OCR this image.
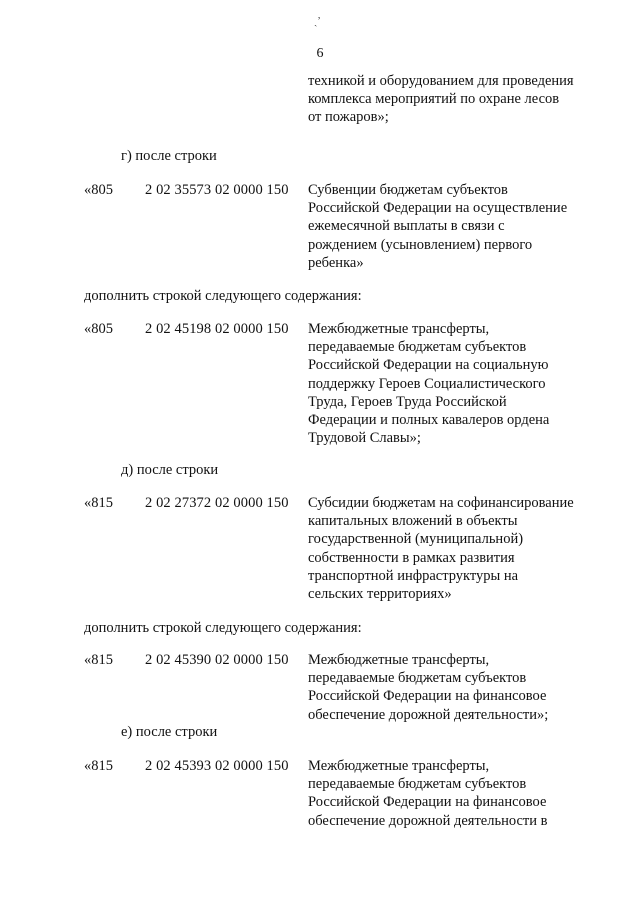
ˎʼ
6
техникой и оборудованием для проведения
комплекса мероприятий по охране лесов
от пожаров»;
г) после строки
«805 2 02 35573 02 0000 150 Субвенции бюджетам субъектов
Российской Федерации на осуществление
ежемесячной выплаты в связи с
рождением (усыновлением) первого
ребенка»
дополнить строкой следующего содержания:
«805 2 02 45198 02 0000 150 Межбюджетные трансферты,
передаваемые бюджетам субъектов
Российской Федерации на социальную
поддержку Героев Социалистического
Труда, Героев Труда Российской
Федерации и полных кавалеров ордена
Трудовой Славы»;
д) после строки
«815 2 02 27372 02 0000 150 Субсидии бюджетам на софинансирование
капитальных вложений в объекты
государственной (муниципальной)
собственности в рамках развития
транспортной инфраструктуры на
сельских территориях»
дополнить строкой следующего содержания:
«815 2 02 45390 02 0000 150 Межбюджетные трансферты,
передаваемые бюджетам субъектов
Российской Федерации на финансовое
обеспечение дорожной деятельности»;
е) после строки
«815 2 02 45393 02 0000 150 Межбюджетные трансферты,
передаваемые бюджетам субъектов
Российской Федерации на финансовое
обеспечение дорожной деятельности в
